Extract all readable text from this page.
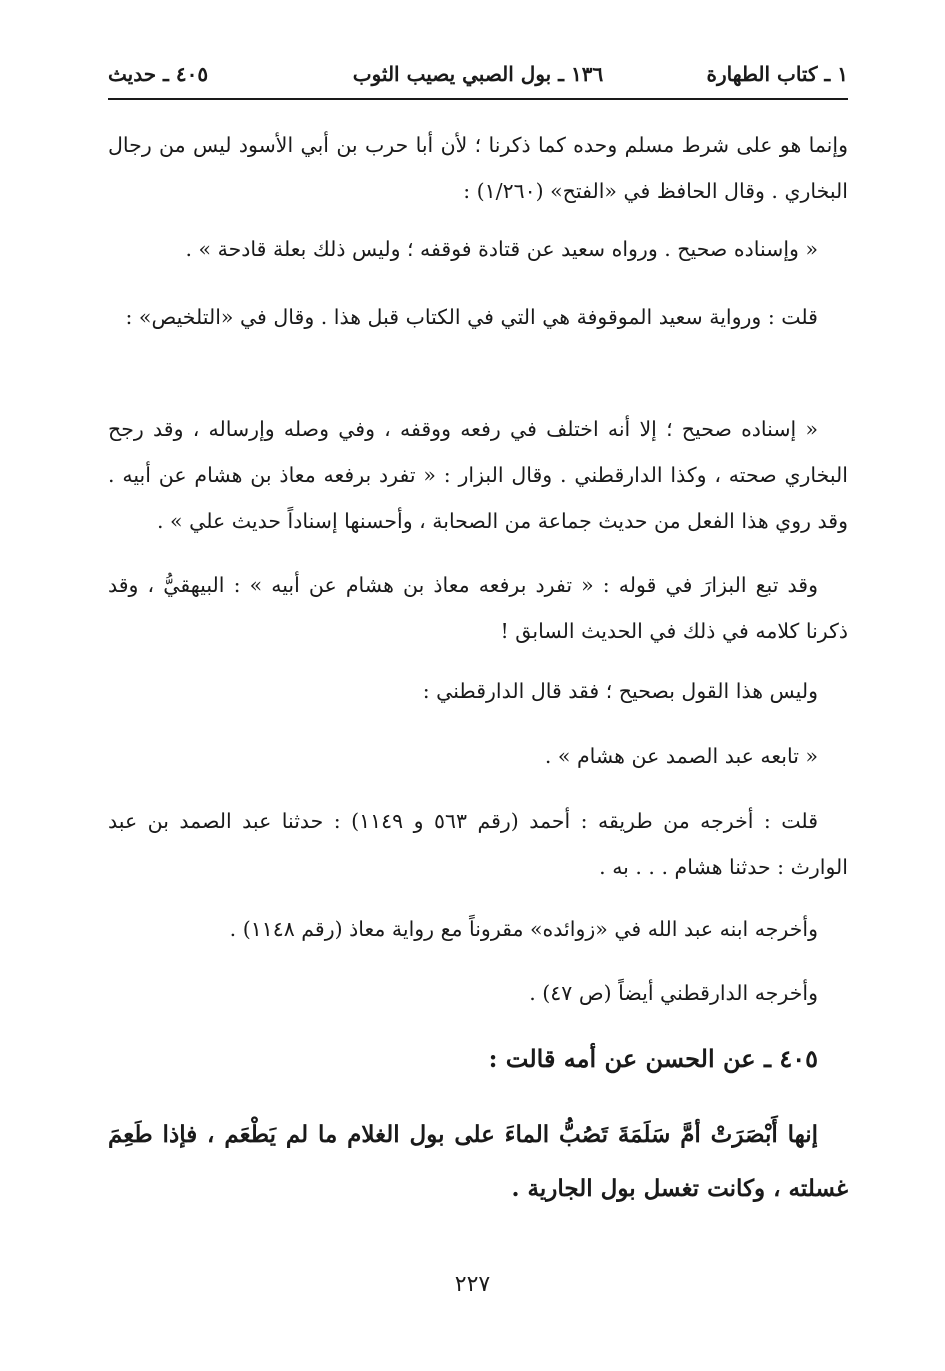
١ ـ كتاب الطهارة
١٣٦ ـ بول الصبي يصيب الثوب
٤٠٥ ـ حديث

وإنما هو على شرط مسلم وحده كما ذكرنا ؛ لأن أبا حرب بن أبي الأسود ليس من رجال البخاري . وقال الحافظ في «الفتح» (١/٢٦٠) :

« وإسناده صحيح . ورواه سعيد عن قتادة فوقفه ؛ وليس ذلك بعلة قادحة » .

قلت : ورواية سعيد الموقوفة هي التي في الكتاب قبل هذا . وقال في «التلخيص» :

« إسناده صحيح ؛ إلا أنه اختلف في رفعه ووقفه ، وفي وصله وإرساله ، وقد رجح البخاري صحته ، وكذا الدارقطني . وقال البزار : « تفرد برفعه معاذ بن هشام عن أبيه . وقد روي هذا الفعل من حديث جماعة من الصحابة ، وأحسنها إسناداً حديث علي » .

وقد تبع البزارَ في قوله : « تفرد برفعه معاذ بن هشام عن أبيه » : البيهقيُّ ، وقد ذكرنا كلامه في ذلك في الحديث السابق !

وليس هذا القول بصحيح ؛ فقد قال الدارقطني :

« تابعه عبد الصمد عن هشام » .

قلت : أخرجه من طريقه : أحمد (رقم ٥٦٣ و ١١٤٩) : حدثنا عبد الصمد بن عبد الوارث : حدثنا هشام . . . به .

وأخرجه ابنه عبد الله في «زوائده» مقروناً مع رواية معاذ (رقم ١١٤٨) .

وأخرجه الدارقطني أيضاً (ص ٤٧) .

٤٠٥ ـ عن الحسن عن أمه قالت :

إنها أَبْصَرَتْ أمَّ سَلَمَةَ تَصُبُّ الماءَ على بول الغلام ما لم يَطْعَم ، فإذا طَعِمَ غسلته ، وكانت تغسل بول الجارية .

٢٢٧
